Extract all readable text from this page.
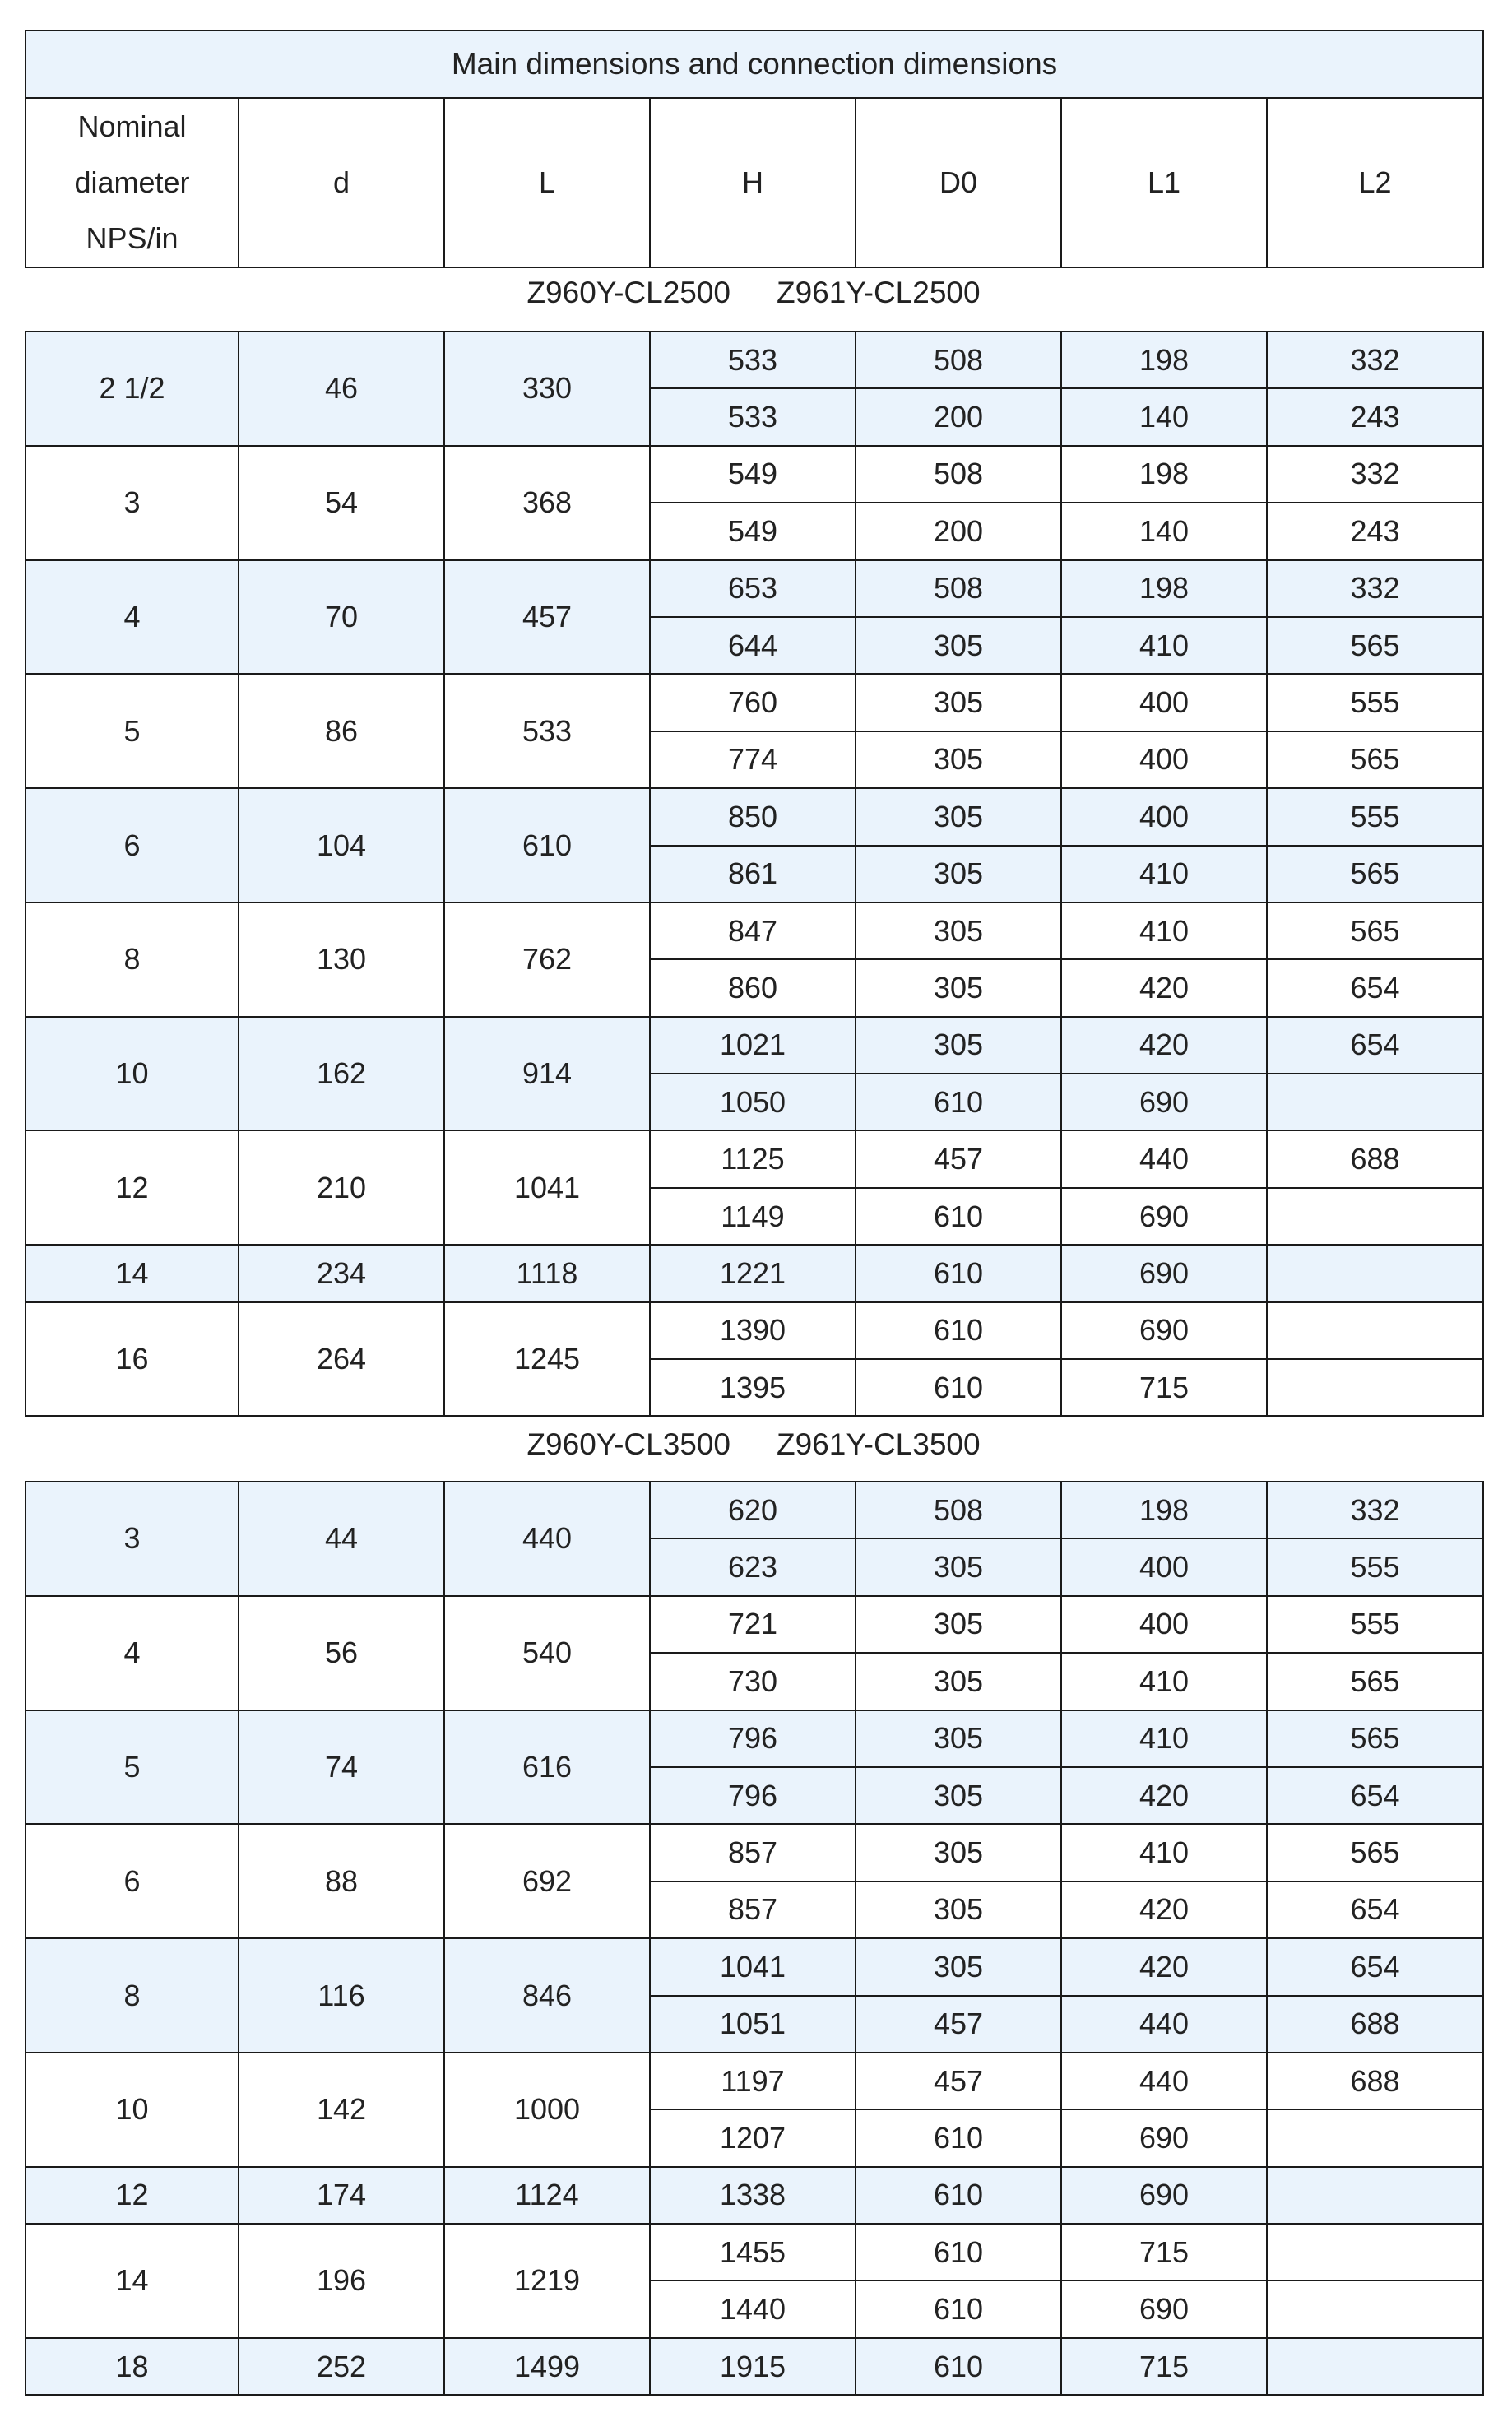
Main dimensions and connection dimensions
Nominal diameter NPS/in	d	L	H	D0	L1	L2
Z960Y-CL2500 Z961Y-CL2500
2 1/2	46	330	533	508	198	332
			533	200	140	243
3	54	368	549	508	198	332
			549	200	140	243
4	70	457	653	508	198	332
			644	305	410	565
5	86	533	760	305	400	555
			774	305	400	565
6	104	610	850	305	400	555
			861	305	410	565
8	130	762	847	305	410	565
			860	305	420	654
10	162	914	1021	305	420	654
			1050	610	690	
12	210	1041	1125	457	440	688
			1149	610	690	
14	234	1118	1221	610	690	
16	264	1245	1390	610	690	
			1395	610	715	
Z960Y-CL3500 Z961Y-CL3500
3	44	440	620	508	198	332
			623	305	400	555
4	56	540	721	305	400	555
			730	305	410	565
5	74	616	796	305	410	565
			796	305	420	654
6	88	692	857	305	410	565
			857	305	420	654
8	116	846	1041	305	420	654
			1051	457	440	688
10	142	1000	1197	457	440	688
			1207	610	690	
12	174	1124	1338	610	690	
14	196	1219	1455	610	715	
			1440	610	690	
18	252	1499	1915	610	715	
